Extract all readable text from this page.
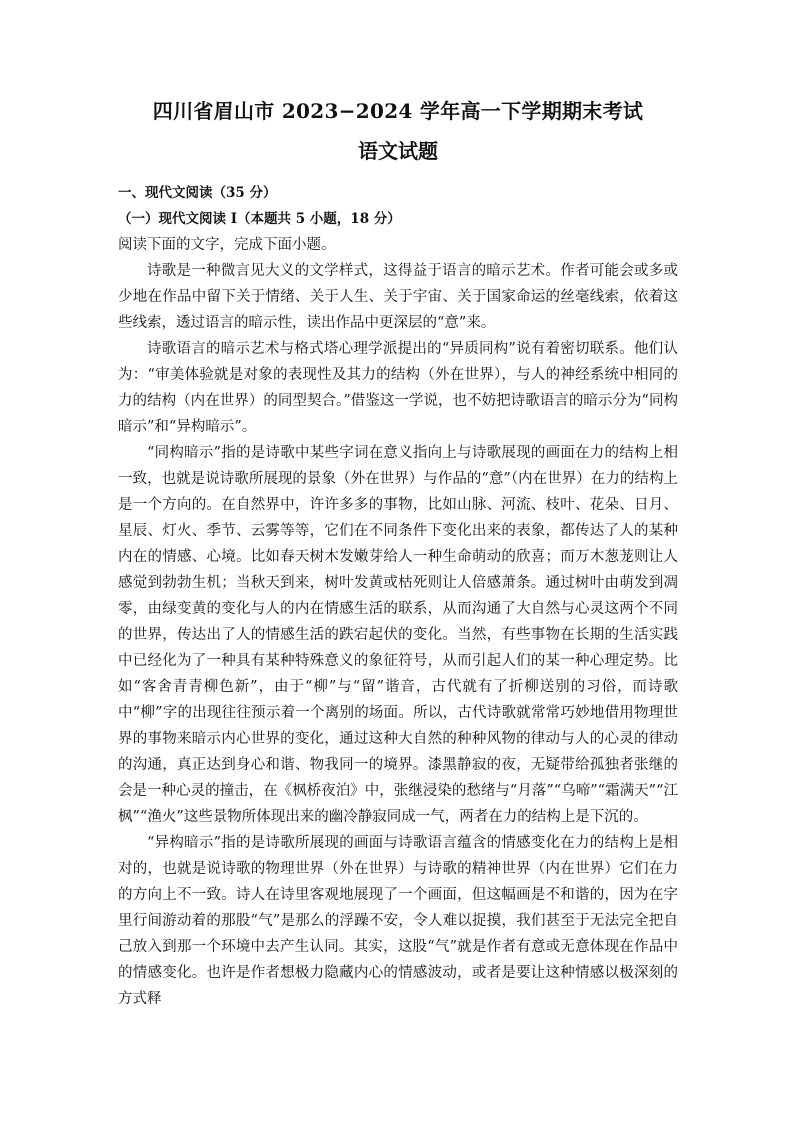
四川省眉山市 2023−2024 学年高一下学期期末考试
语文试题

一、现代文阅读（35 分）

（一）现代文阅读 I（本题共 5 小题，18 分）

阅读下面的文字，完成下面小题。

诗歌是一种微言见大义的文学样式，这得益于语言的暗示艺术。作者可能会或多或少地在作品中留下关于情绪、关于人生、关于宇宙、关于国家命运的丝毫线索，依着这些线索，透过语言的暗示性，读出作品中更深层的“意”来。

诗歌语言的暗示艺术与格式塔心理学派提出的“异质同构”说有着密切联系。他们认为：“审美体验就是对象的表现性及其力的结构（外在世界），与人的神经系统中相同的力的结构（内在世界）的同型契合。”借鉴这一学说，也不妨把诗歌语言的暗示分为“同构暗示”和“异构暗示”。

“同构暗示”指的是诗歌中某些字词在意义指向上与诗歌展现的画面在力的结构上相一致，也就是说诗歌所展现的景象（外在世界）与作品的“意”（内在世界）在力的结构上是一个方向的。在自然界中，许许多多的事物，比如山脉、河流、枝叶、花朵、日月、星辰、灯火、季节、云雾等等，它们在不同条件下变化出来的表象，都传达了人的某种内在的情感、心境。比如春天树木发嫩芽给人一种生命萌动的欣喜；而万木葱茏则让人感觉到勃勃生机；当秋天到来，树叶发黄或枯死则让人倍感萧条。通过树叶由萌发到凋零，由绿变黄的变化与人的内在情感生活的联系，从而沟通了大自然与心灵这两个不同的世界，传达出了人的情感生活的跌宕起伏的变化。当然，有些事物在长期的生活实践中已经化为了一种具有某种特殊意义的象征符号，从而引起人们的某一种心理定势。比如“客舍青青柳色新”，由于“柳”与“留”谐音，古代就有了折柳送别的习俗，而诗歌中“柳”字的出现往往预示着一个离别的场面。所以，古代诗歌就常常巧妙地借用物理世界的事物来暗示内心世界的变化，通过这种大自然的种种风物的律动与人的心灵的律动的沟通，真正达到身心和谐、物我同一的境界。漆黑静寂的夜，无疑带给孤独者张继的会是一种心灵的撞击，在《枫桥夜泊》中，张继浸染的愁绪与“月落”“乌啼”“霜满天”“江枫”“渔火”这些景物所体现出来的幽冷静寂同成一气，两者在力的结构上是下沉的。

“异构暗示”指的是诗歌所展现的画面与诗歌语言蕴含的情感变化在力的结构上是相对的，也就是说诗歌的物理世界（外在世界）与诗歌的精神世界（内在世界）它们在力的方向上不一致。诗人在诗里客观地展现了一个画面，但这幅画是不和谐的，因为在字里行间游动着的那股“气”是那么的浮躁不安，令人难以捉摸，我们甚至于无法完全把自己放入到那一个环境中去产生认同。其实，这股“气”就是作者有意或无意体现在作品中的情感变化。也许是作者想极力隐藏内心的情感波动，或者是要让这种情感以极深刻的方式释
